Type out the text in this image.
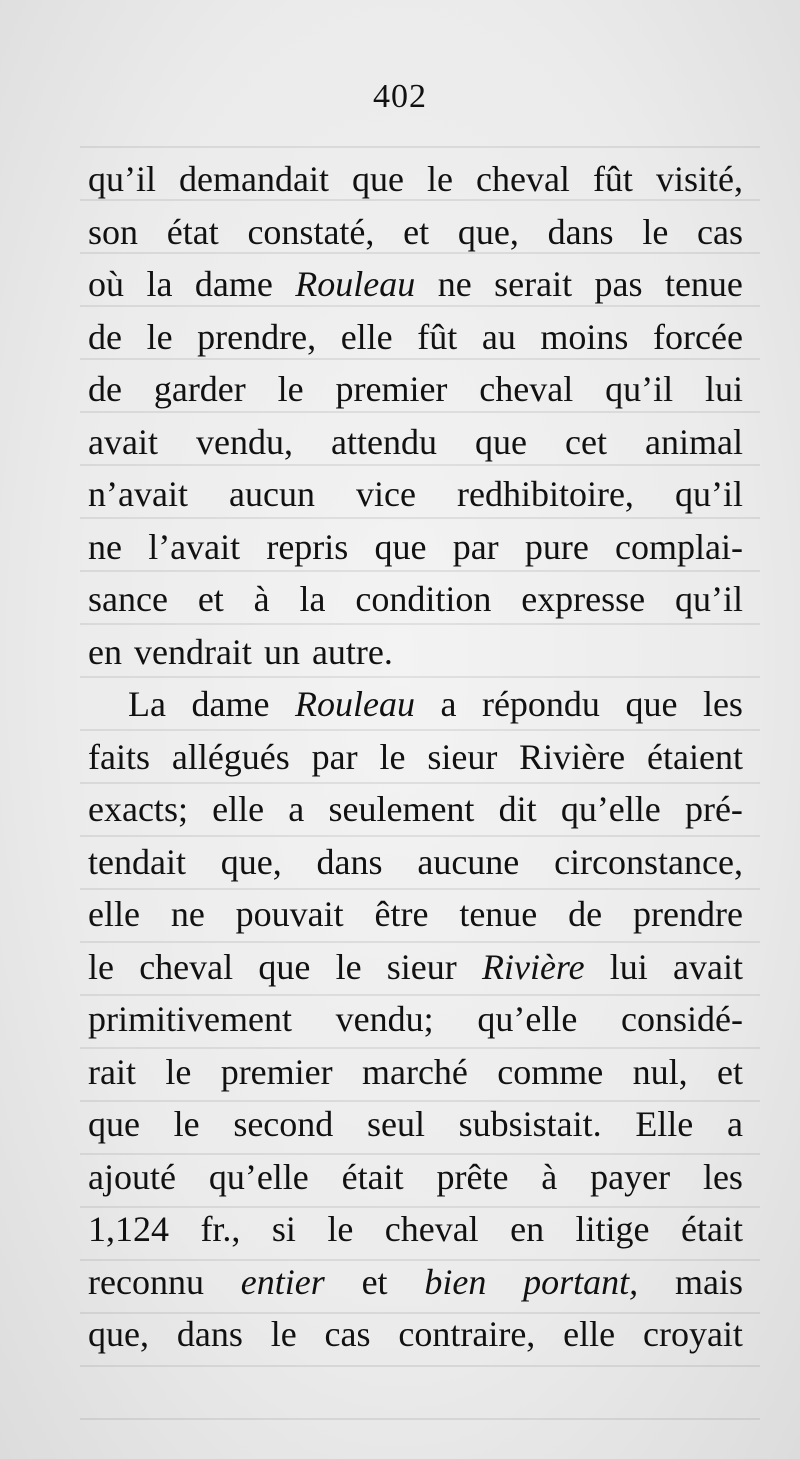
402
qu’il demandait que le cheval fût visité,
son état constaté, et que, dans le cas
où la dame Rouleau ne serait pas tenue
de le prendre, elle fût au moins forcée
de garder le premier cheval qu’il lui
avait vendu, attendu que cet animal
n’avait aucun vice redhibitoire, qu’il
ne l’avait repris que par pure complai-
sance et à la condition expresse qu’il
en vendrait un autre.
La dame Rouleau a répondu que les
faits allégués par le sieur Rivière étaient
exacts; elle a seulement dit qu’elle pré-
tendait que, dans aucune circonstance,
elle ne pouvait être tenue de prendre
le cheval que le sieur Rivière lui avait
primitivement vendu; qu’elle considé-
rait le premier marché comme nul, et
que le second seul subsistait. Elle a
ajouté qu’elle était prête à payer les
1,124 fr., si le cheval en litige était
reconnu entier et bien portant, mais
que, dans le cas contraire, elle croyait
